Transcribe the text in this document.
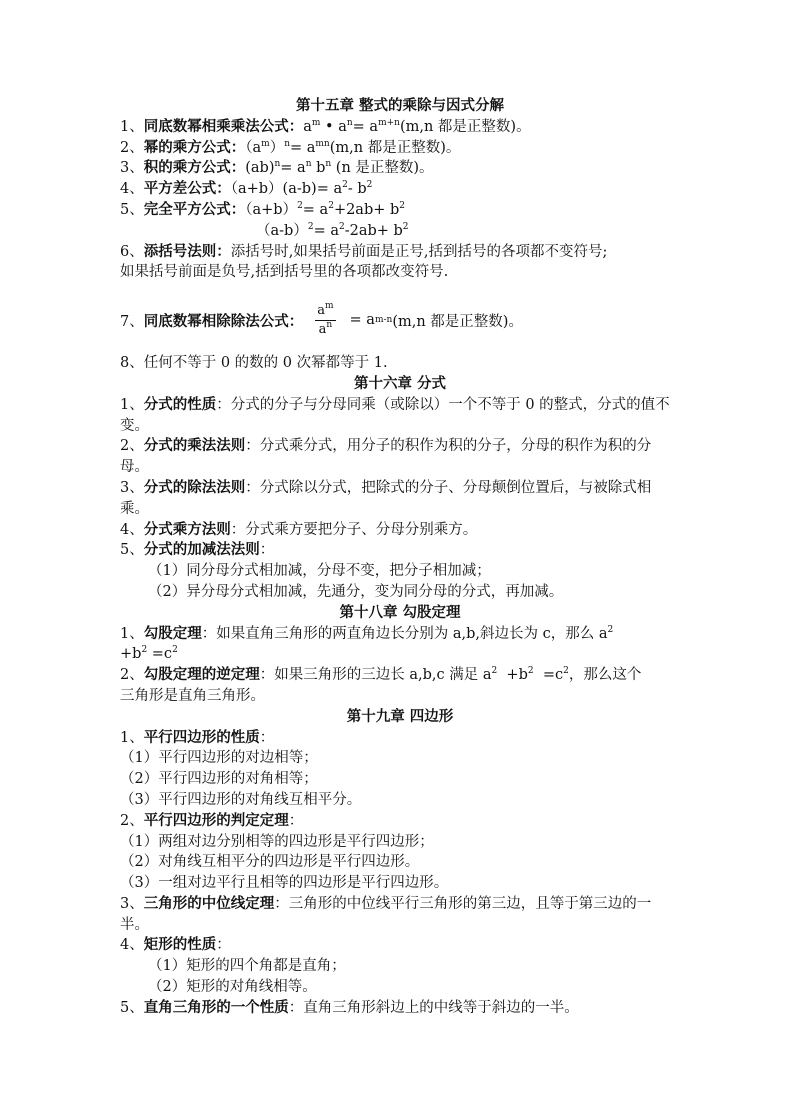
第十五章 整式的乘除与因式分解
1、同底数幂相乘乘法公式：$a^m$ • $a^n= a^{m+n}(m,n$ 都是正整数)。
2、幂的乘方公式：$(a^m)^n= a^{mn}(m,n$ 都是正整数)。
3、积的乘方公式：$(ab)^n= a^n$ $b^n$ (n 是正整数)。
4、平方差公式：$(a+b)(a-b)= a^2-$ $b^2$
5、完全平方公式：$(a+b)^2= a^2+2ab+ b^2$
$(a-b)^2= a^2-2ab+ b^2$
6、添括号法则：添括号时,如果括号前面是正号,括到括号的各项都不变符号;
如果括号前面是负号,括到括号里的各项都改变符号.
7、 同底数幂相除除法公式： $\frac{a^m}{a^n} = a$ m-n (m,n 都是正整数)。
8、任何不等于 0 的数的 0 次幂都等于 1.
第十六章 分式
1、分式的性质：分式的分子与分母同乘（或除以）一个不等于 0 的整式，分式的值不变。
2、分式的乘法法则：分式乘分式，用分子的积作为积的分子，分母的积作为积的分母。
3、分式的除法法则：分式除以分式，把除式的分子、分母颠倒位置后，与被除式相乘。
4、分式乘方法则：分式乘方要把分子、分母分别乘方。
5、分式的加减法法则：
（1）同分母分式相加减，分母不变，把分子相加减；
（2）异分母分式相加减，先通分，变为同分母的分式，再加减。
第十八章 勾股定理
1、勾股定理：如果直角三角形的两直角边长分别为 a,b,斜边长为 c，那么 $a^2$
$+b^2 =c^2$
2、勾股定理的逆定理：如果三角形的三边长 a,b,c 满足 $a^2 +b^2 =c^2$，那么这个
三角形是直角三角形。
第十九章 四边形
1、平行四边形的性质：
（1）平行四边形的对边相等；
（2）平行四边形的对角相等；
（3）平行四边形的对角线互相平分。
2、平行四边形的判定定理：
（1）两组对边分别相等的四边形是平行四边形；
（2）对角线互相平分的四边形是平行四边形。
（3）一组对边平行且相等的四边形是平行四边形。
3、三角形的中位线定理：三角形的中位线平行三角形的第三边，且等于第三边的一半。
4、矩形的性质：
（1）矩形的四个角都是直角；
（2）矩形的对角线相等。
5、直角三角形的一个性质：直角三角形斜边上的中线等于斜边的一半。
